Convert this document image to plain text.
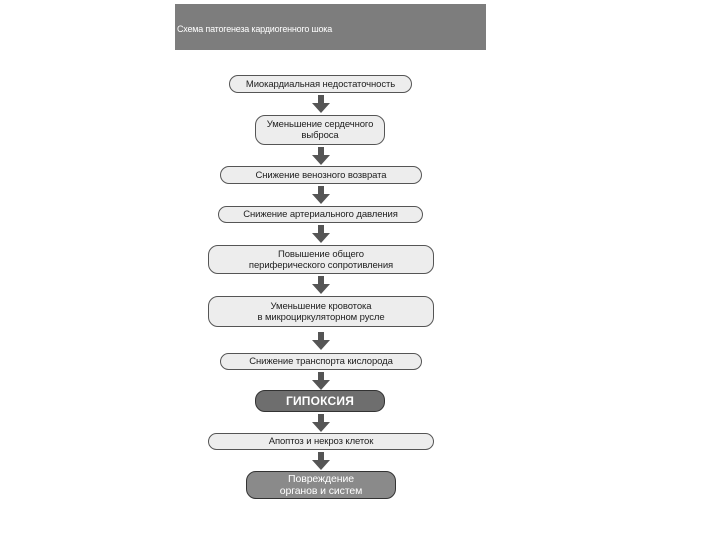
Схема патогенеза кардиогенного шока
Миокардиальная недостаточность
Уменьшение сердечного
выброса
Снижение венозного возврата
Снижение артериального давления
Повышение общего
периферического сопротивления
Уменьшение кровотока
в микроциркуляторном русле
Снижение транспорта кислорода
ГИПОКСИЯ
Апоптоз и некроз клеток
Повреждение
органов и систем
